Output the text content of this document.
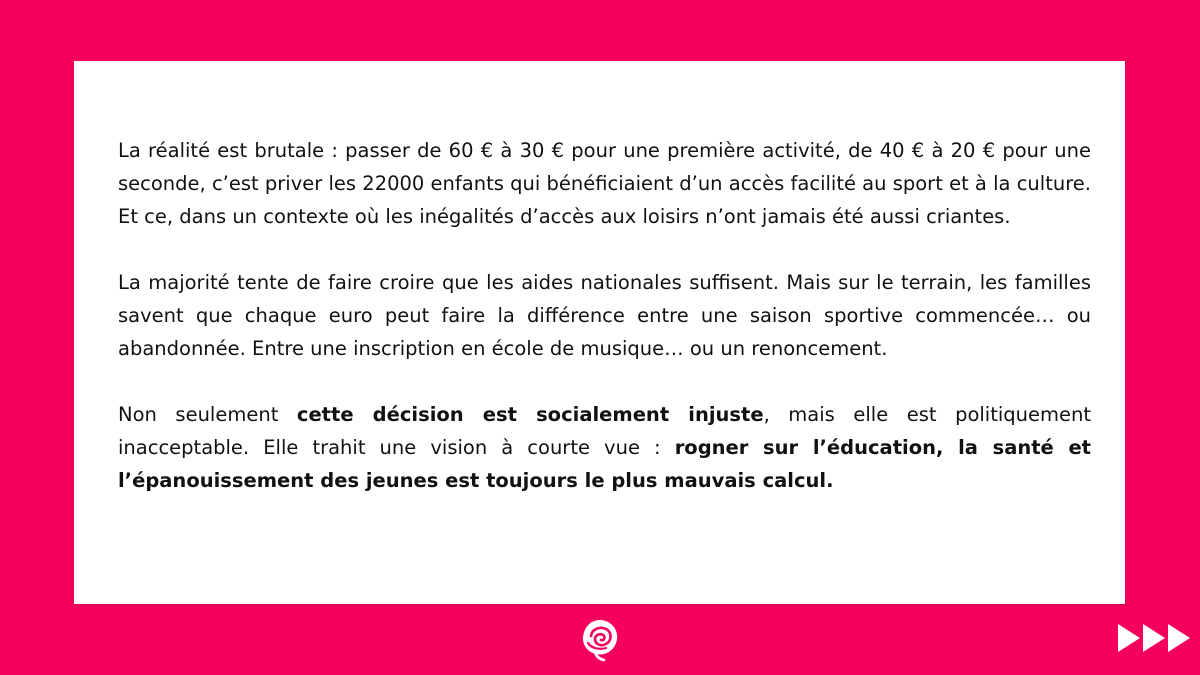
La réalité est brutale : passer de 60 € à 30 € pour une première activité, de 40 € à 20 € pour une seconde, c’est priver les 22000 enfants qui bénéficiaient d’un accès facilité au sport et à la culture. Et ce, dans un contexte où les inégalités d’accès aux loisirs n’ont jamais été aussi criantes.

La majorité tente de faire croire que les aides nationales suffisent. Mais sur le terrain, les familles savent que chaque euro peut faire la différence entre une saison sportive commencée… ou abandonnée. Entre une inscription en école de musique… ou un renoncement.

Non seulement cette décision est socialement injuste, mais elle est politiquement inacceptable. Elle trahit une vision à courte vue : rogner sur l’éducation, la santé et l’épanouissement des jeunes est toujours le plus mauvais calcul.
